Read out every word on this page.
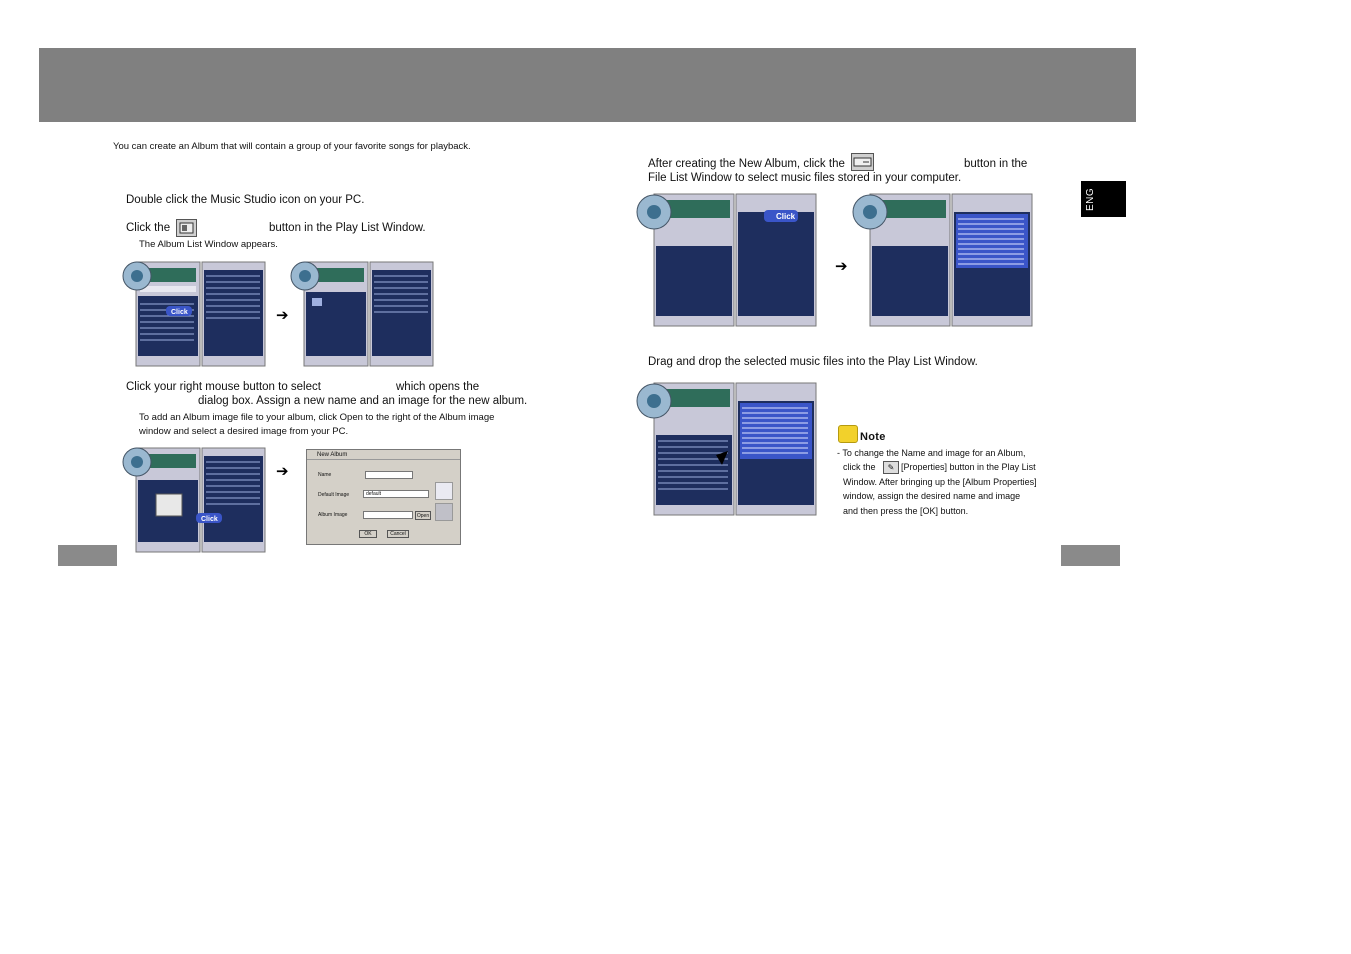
You can create an Album that will contain a group of your favorite songs for playback.
ENG
Double click the Music Studio icon on your PC.
Click the	button in the Play List Window.
The Album List Window appears.
Click your right mouse button to select	which opens the
dialog box. Assign a new name and an image for the new album.
To add an Album image file to your album, click Open to the right of the Album image
window and select a desired image from your PC.
After creating the New Album, click the	button in the
File List Window to select music files stored in your computer.
Drag and drop the selected music files into the Play List Window.
Click	➔
Click
➔
New Album
Name
Default Image	default
Album Image	Open
OK	Cancel
Click
➔
Note
- To change the Name and image for an Album,
click the	✎ [Properties] button in the Play List
Window. After bringing up the [Album Properties]
window, assign the desired name and image
and then press the [OK] button.
